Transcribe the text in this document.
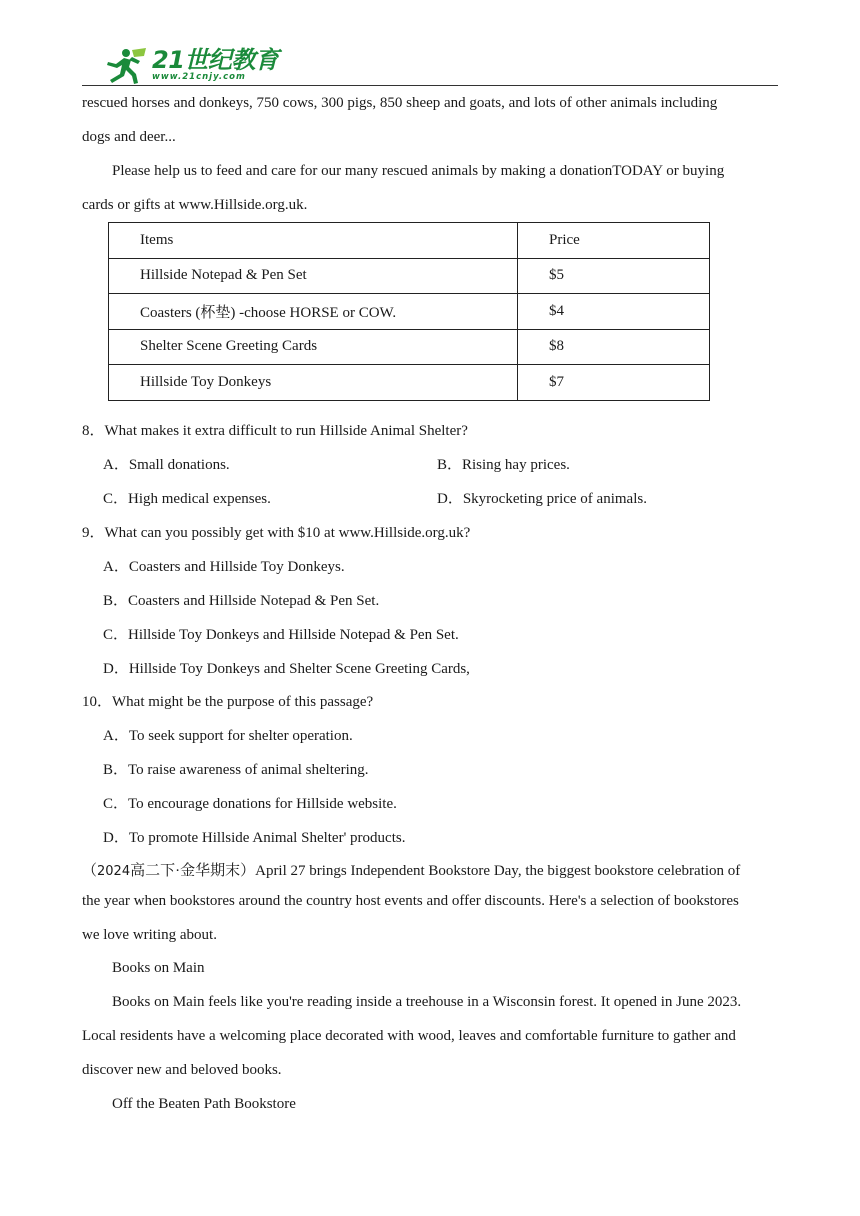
21世纪教育
www.21cnjy.com
rescued horses and donkeys, 750 cows, 300 pigs, 850 sheep and goats, and lots of other animals including
dogs and deer...
Please help us to feed and care for our many rescued animals by making a donationTODAY or buying
cards or gifts at www.Hillside.org.uk.
Items	Price
Hillside Notepad & Pen Set	$5
Coasters (杯垫) -choose HORSE or COW.	$4
Shelter Scene Greeting Cards	$8
Hillside Toy Donkeys	$7
8．What makes it extra difficult to run Hillside Animal Shelter?
A．Small donations.	B．Rising hay prices.
C．High medical expenses.	D．Skyrocketing price of animals.
9．What can you possibly get with $10 at www.Hillside.org.uk?
A．Coasters and Hillside Toy Donkeys.
B．Coasters and Hillside Notepad & Pen Set.
C．Hillside Toy Donkeys and Hillside Notepad & Pen Set.
D．Hillside Toy Donkeys and Shelter Scene Greeting Cards,
10．What might be the purpose of this passage?
A．To seek support for shelter operation.
B．To raise awareness of animal sheltering.
C．To encourage donations for Hillside website.
D．To promote Hillside Animal Shelter' products.
（2024高二下·金华期末）April 27 brings Independent Bookstore Day, the biggest bookstore celebration of
the year when bookstores around the country host events and offer discounts. Here's a selection of bookstores
we love writing about.
Books on Main
Books on Main feels like you're reading inside a treehouse in a Wisconsin forest. It opened in June 2023.
Local residents have a welcoming place decorated with wood, leaves and comfortable furniture to gather and
discover new and beloved books.
Off the Beaten Path Bookstore
